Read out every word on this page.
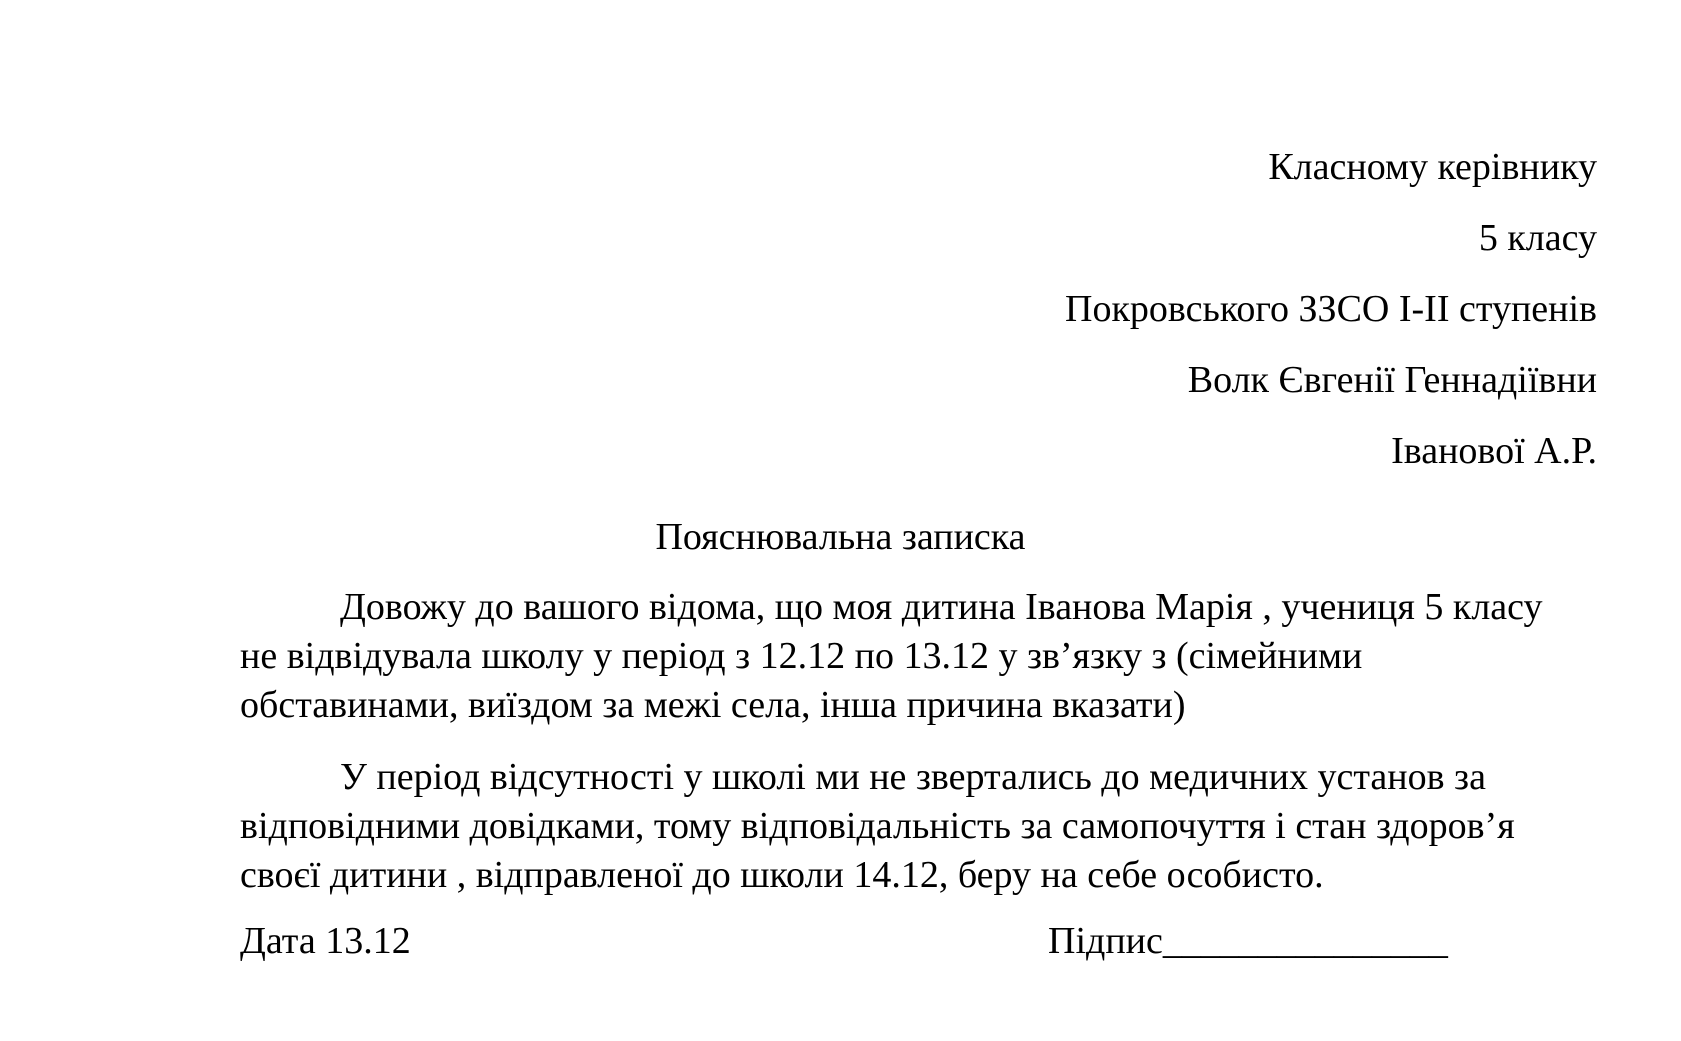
Класному керівнику
5 класу
Покровського ЗЗСО І-ІІ ступенів
Волк Євгенії Геннадіївни
Іванової А.Р.
Пояснювальна записка
Довожу до вашого відома, що моя дитина Іванова Марія , учениця 5 класу
не відвідувала школу у період з 12.12 по 13.12 у зв’язку з (сімейними
обставинами, виїздом за межі села, інша причина вказати)
У період відсутності у школі ми не звертались до медичних установ за
відповідними довідками, тому відповідальність за самопочуття і стан здоров’я
своєї дитини , відправленої до школи 14.12, беру на себе особисто.
Дата 13.12	Підпис_______________
